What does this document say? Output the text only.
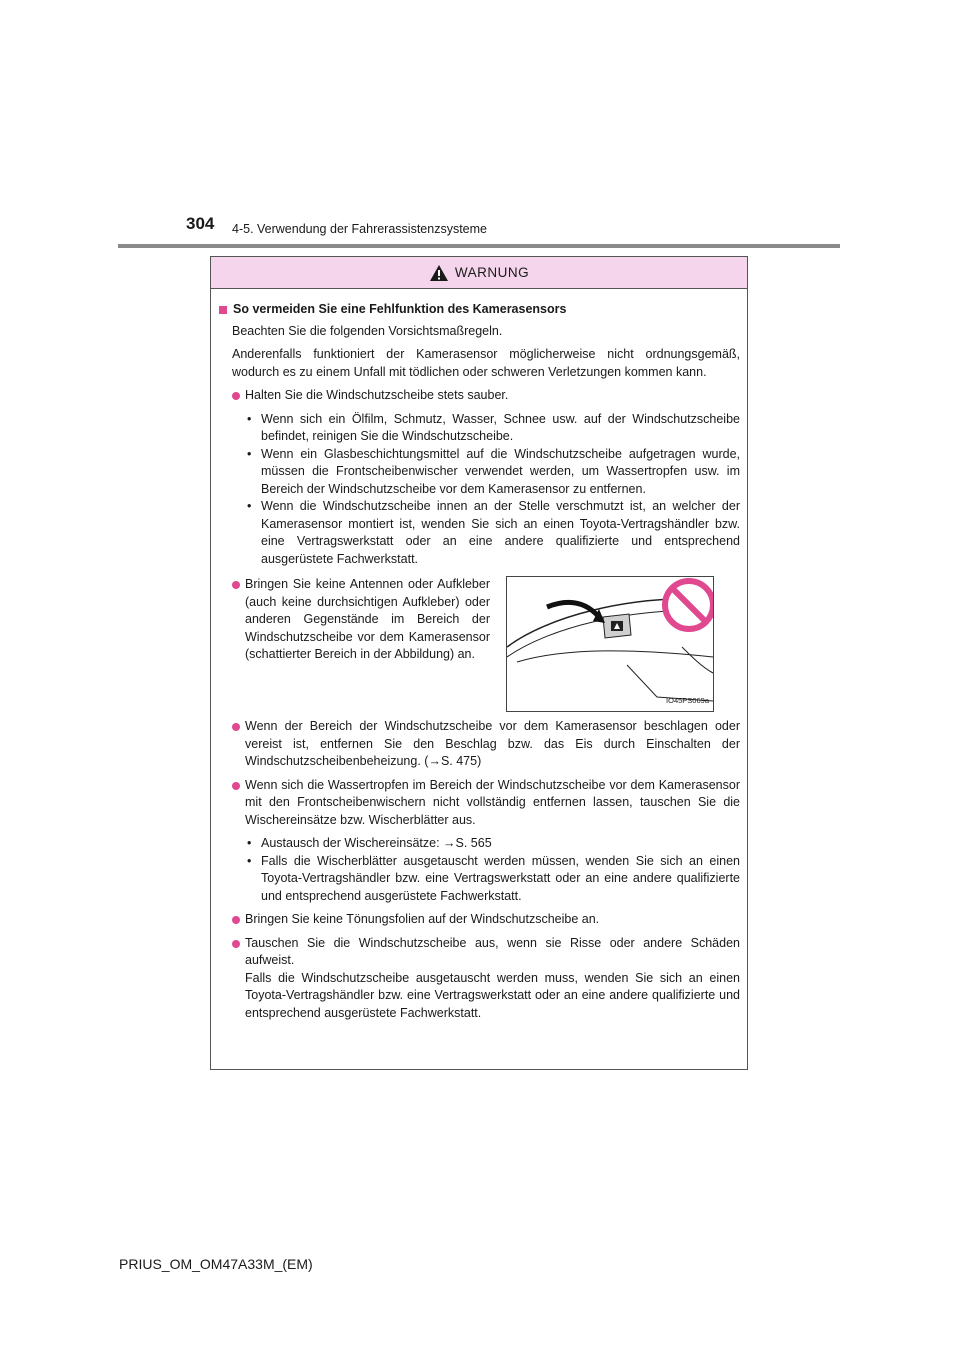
304 4-5. Verwendung der Fahrerassistenzsysteme
WARNUNG
So vermeiden Sie eine Fehlfunktion des Kamerasensors

Beachten Sie die folgenden Vorsichtsmaßregeln.

Anderenfalls funktioniert der Kamerasensor möglicherweise nicht ordnungsgemäß, wodurch es zu einem Unfall mit tödlichen oder schweren Verletzungen kommen kann.

Halten Sie die Windschutzscheibe stets sauber.
• Wenn sich ein Ölfilm, Schmutz, Wasser, Schnee usw. auf der Windschutzscheibe befindet, reinigen Sie die Windschutzscheibe.
• Wenn ein Glasbeschichtungsmittel auf die Windschutzscheibe aufgetragen wurde, müssen die Frontscheibenwischer verwendet werden, um Wassertropfen usw. im Bereich der Windschutzscheibe vor dem Kamerasensor zu entfernen.
• Wenn die Windschutzscheibe innen an der Stelle verschmutzt ist, an welcher der Kamerasensor montiert ist, wenden Sie sich an einen Toyota-Vertragshändler bzw. eine Vertragswerkstatt oder an eine andere qualifizierte und entsprechend ausgerüstete Fachwerkstatt.
Bringen Sie keine Antennen oder Aufkleber (auch keine durchsichtigen Aufkleber) oder anderen Gegenstände im Bereich der Windschutzscheibe vor dem Kamerasensor (schattierter Bereich in der Abbildung) an.
IO45PS069a
Wenn der Bereich der Windschutzscheibe vor dem Kamerasensor beschlagen oder vereist ist, entfernen Sie den Beschlag bzw. das Eis durch Einschalten der Windschutzscheibenbeheizung. (→S. 475)
Wenn sich die Wassertropfen im Bereich der Windschutzscheibe vor dem Kamerasensor mit den Frontscheibenwischern nicht vollständig entfernen lassen, tauschen Sie die Wischereinsätze bzw. Wischerblätter aus.
• Austausch der Wischereinsätze: →S. 565
• Falls die Wischerblätter ausgetauscht werden müssen, wenden Sie sich an einen Toyota-Vertragshändler bzw. eine Vertragswerkstatt oder an eine andere qualifizierte und entsprechend ausgerüstete Fachwerkstatt.
Bringen Sie keine Tönungsfolien auf der Windschutzscheibe an.
Tauschen Sie die Windschutzscheibe aus, wenn sie Risse oder andere Schäden aufweist.
Falls die Windschutzscheibe ausgetauscht werden muss, wenden Sie sich an einen Toyota-Vertragshändler bzw. eine Vertragswerkstatt oder an eine andere qualifizierte und entsprechend ausgerüstete Fachwerkstatt.
PRIUS_OM_OM47A33M_(EM)
